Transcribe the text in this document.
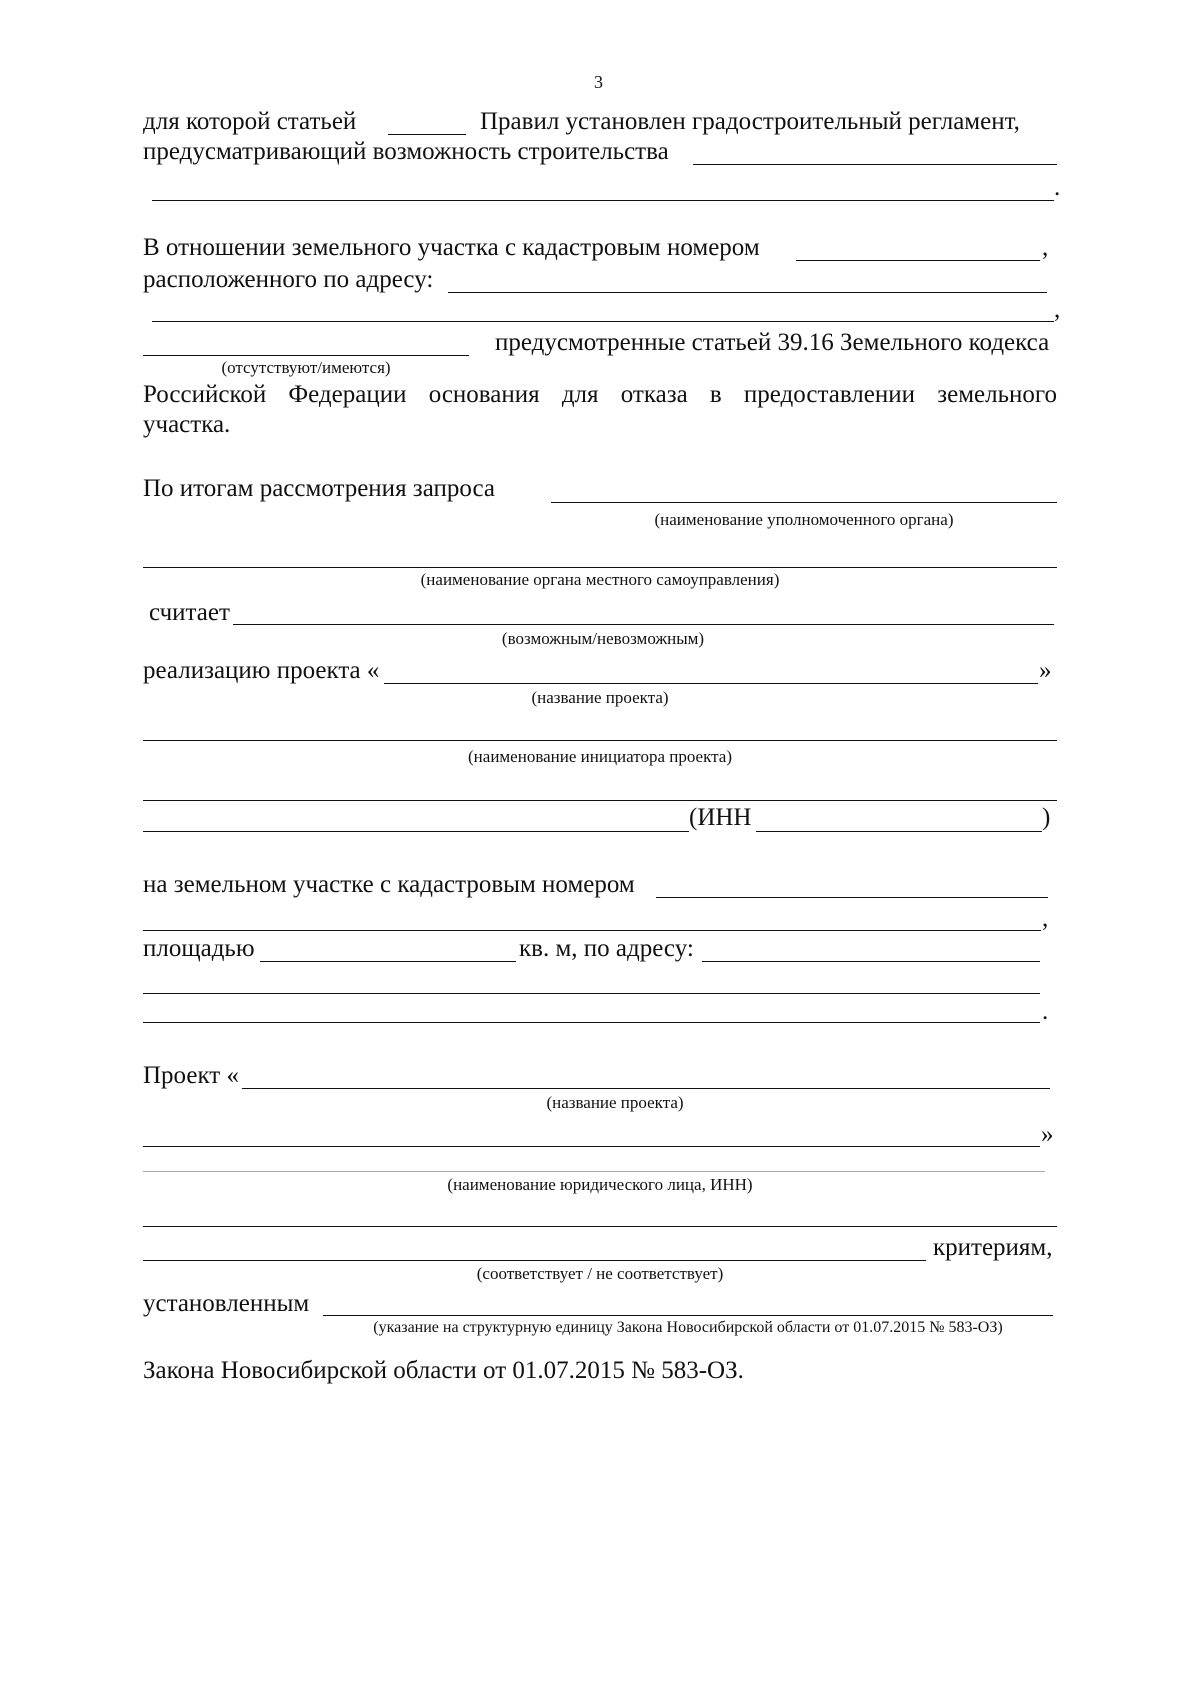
3
для которой статьей	Правил установлен градостроительный регламент,
предусматривающий возможность строительства
.
В отношении земельного участка с кадастровым номером	,
расположенного по адресу:
,
предусмотренные статьей 39.16 Земельного кодекса
(отсутствуют/имеются)
Российской Федерации основания для отказа в предоставлении земельного
участка.
По итогам рассмотрения запроса
(наименование уполномоченного органа)
(наименование органа местного самоуправления)
считает
(возможным/невозможным)
реализацию проекта «	»
(название проекта)
(наименование инициатора проекта)
(ИНН	)
на земельном участке с кадастровым номером
,
площадью	кв. м, по адресу:
.
Проект «
(название проекта)
»
(наименование юридического лица, ИНН)
критериям,
(соответствует / не соответствует)
установленным
(указание на структурную единицу Закона Новосибирской области от 01.07.2015 № 583-ОЗ)
Закона Новосибирской области от 01.07.2015 № 583-ОЗ.
